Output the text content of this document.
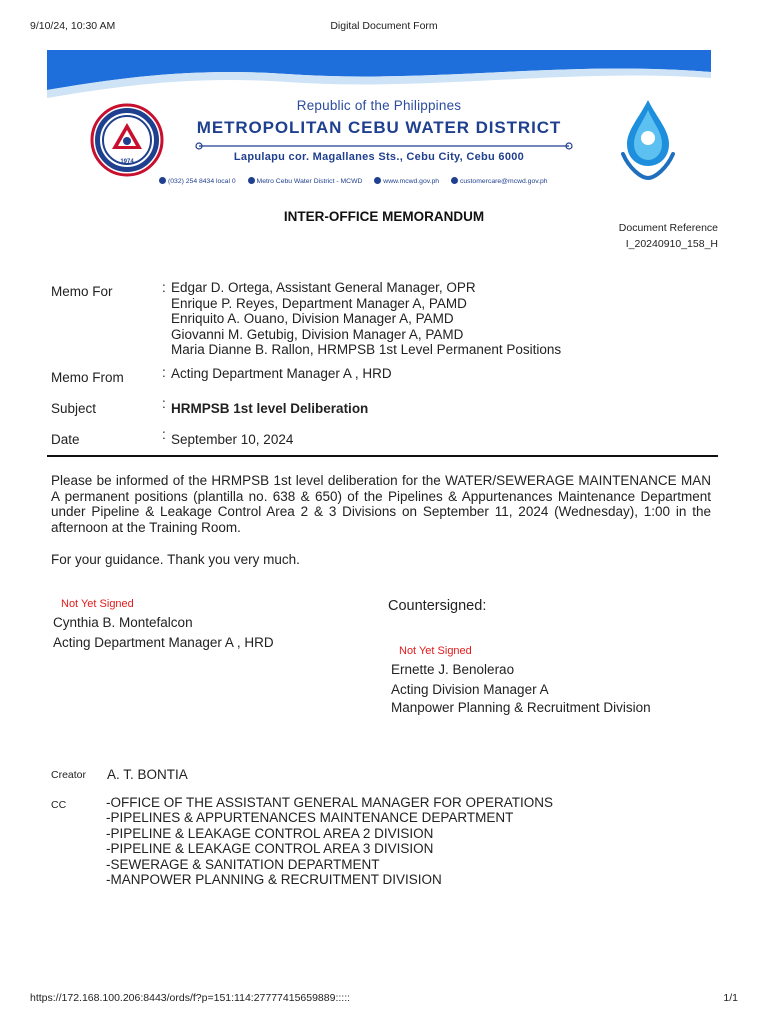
9/10/24, 10:30 AM	Digital Document Form
1974
Republic of the Philippines
METROPOLITAN CEBU WATER DISTRICT
Lapulapu cor. Magallanes Sts., Cebu City, Cebu 6000
(032) 254 8434 local 0	Metro Cebu Water District - MCWD	www.mcwd.gov.ph	customercare@mcwd.gov.ph
INTER-OFFICE MEMORANDUM
Document Reference
I_20240910_158_H
Memo For	: Edgar D. Ortega, Assistant General Manager, OPR
Enrique P. Reyes, Department Manager A, PAMD
Enriquito A. Ouano, Division Manager A, PAMD
Giovanni M. Getubig, Division Manager A, PAMD
Maria Dianne B. Rallon, HRMPSB 1st Level Permanent Positions
Memo From	: Acting Department Manager A , HRD
Subject	: HRMPSB 1st level Deliberation
Date	: September 10, 2024
Please be informed of the HRMPSB 1st level deliberation for the WATER/SEWERAGE MAINTENANCE MAN A permanent positions (plantilla no. 638 & 650) of the Pipelines & Appurtenances Maintenance Department under Pipeline & Leakage Control Area 2 & 3 Divisions on September 11, 2024 (Wednesday), 1:00 in the afternoon at the Training Room.
For your guidance. Thank you very much.
Not Yet Signed
Cynthia B. Montefalcon
Acting Department Manager A , HRD
Countersigned:
Not Yet Signed
Ernette J. Benolerao
Acting Division Manager A
Manpower Planning & Recruitment Division
Creator A. T. BONTIA
CC	-OFFICE OF THE ASSISTANT GENERAL MANAGER FOR OPERATIONS
-PIPELINES & APPURTENANCES MAINTENANCE DEPARTMENT
-PIPELINE & LEAKAGE CONTROL AREA 2 DIVISION
-PIPELINE & LEAKAGE CONTROL AREA 3 DIVISION
-SEWERAGE & SANITATION DEPARTMENT
-MANPOWER PLANNING & RECRUITMENT DIVISION
https://172.168.100.206:8443/ords/f?p=151:114:27777415659889:::::	1/1
